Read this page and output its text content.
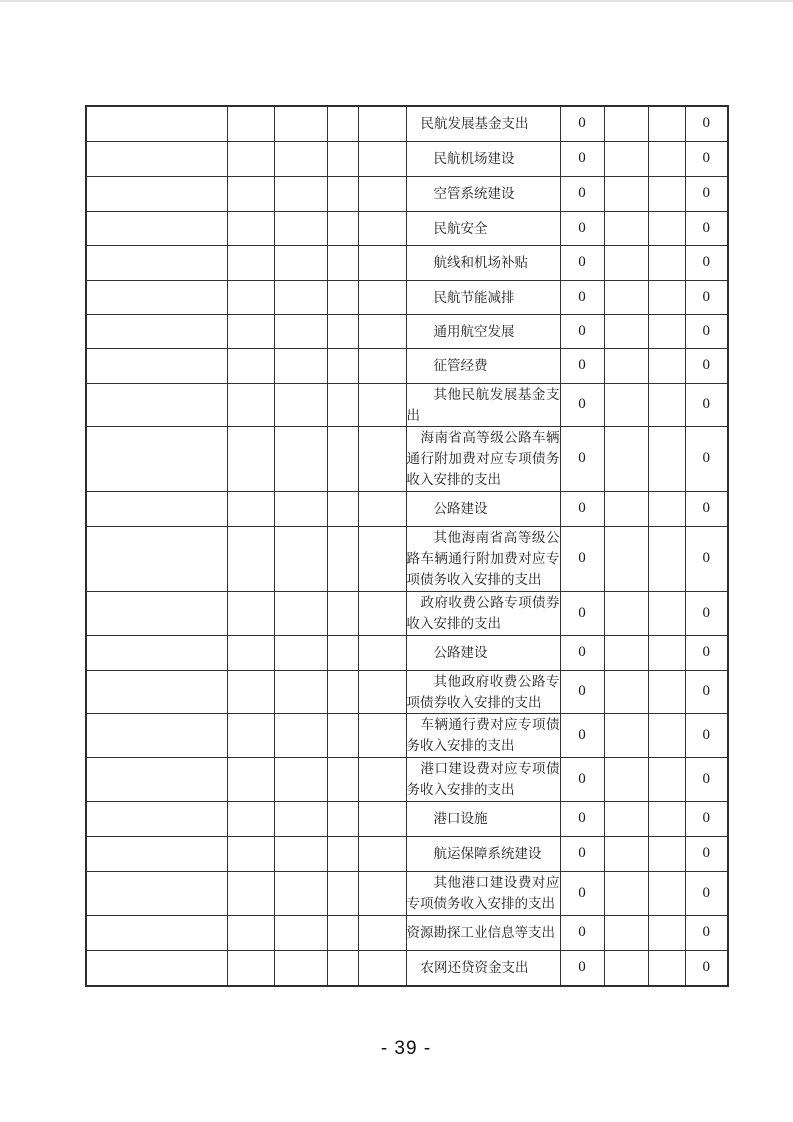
					民航发展基金支出	0			0
					民航机场建设	0			0
					空管系统建设	0			0
					民航安全	0			0
					航线和机场补贴	0			0
					民航节能减排	0			0
					通用航空发展	0			0
					征管经费	0			0
					其他民航发展基金支出	0			0
					海南省高等级公路车辆通行附加费对应专项债务收入安排的支出	0			0
					公路建设	0			0
					其他海南省高等级公路车辆通行附加费对应专项债务收入安排的支出	0			0
					政府收费公路专项债券收入安排的支出	0			0
					公路建设	0			0
					其他政府收费公路专项债券收入安排的支出	0			0
					车辆通行费对应专项债务收入安排的支出	0			0
					港口建设费对应专项债务收入安排的支出	0			0
					港口设施	0			0
					航运保障系统建设	0			0
					其他港口建设费对应专项债务收入安排的支出	0			0
					资源勘探工业信息等支出	0			0
					农网还贷资金支出	0			0
- 39 -
